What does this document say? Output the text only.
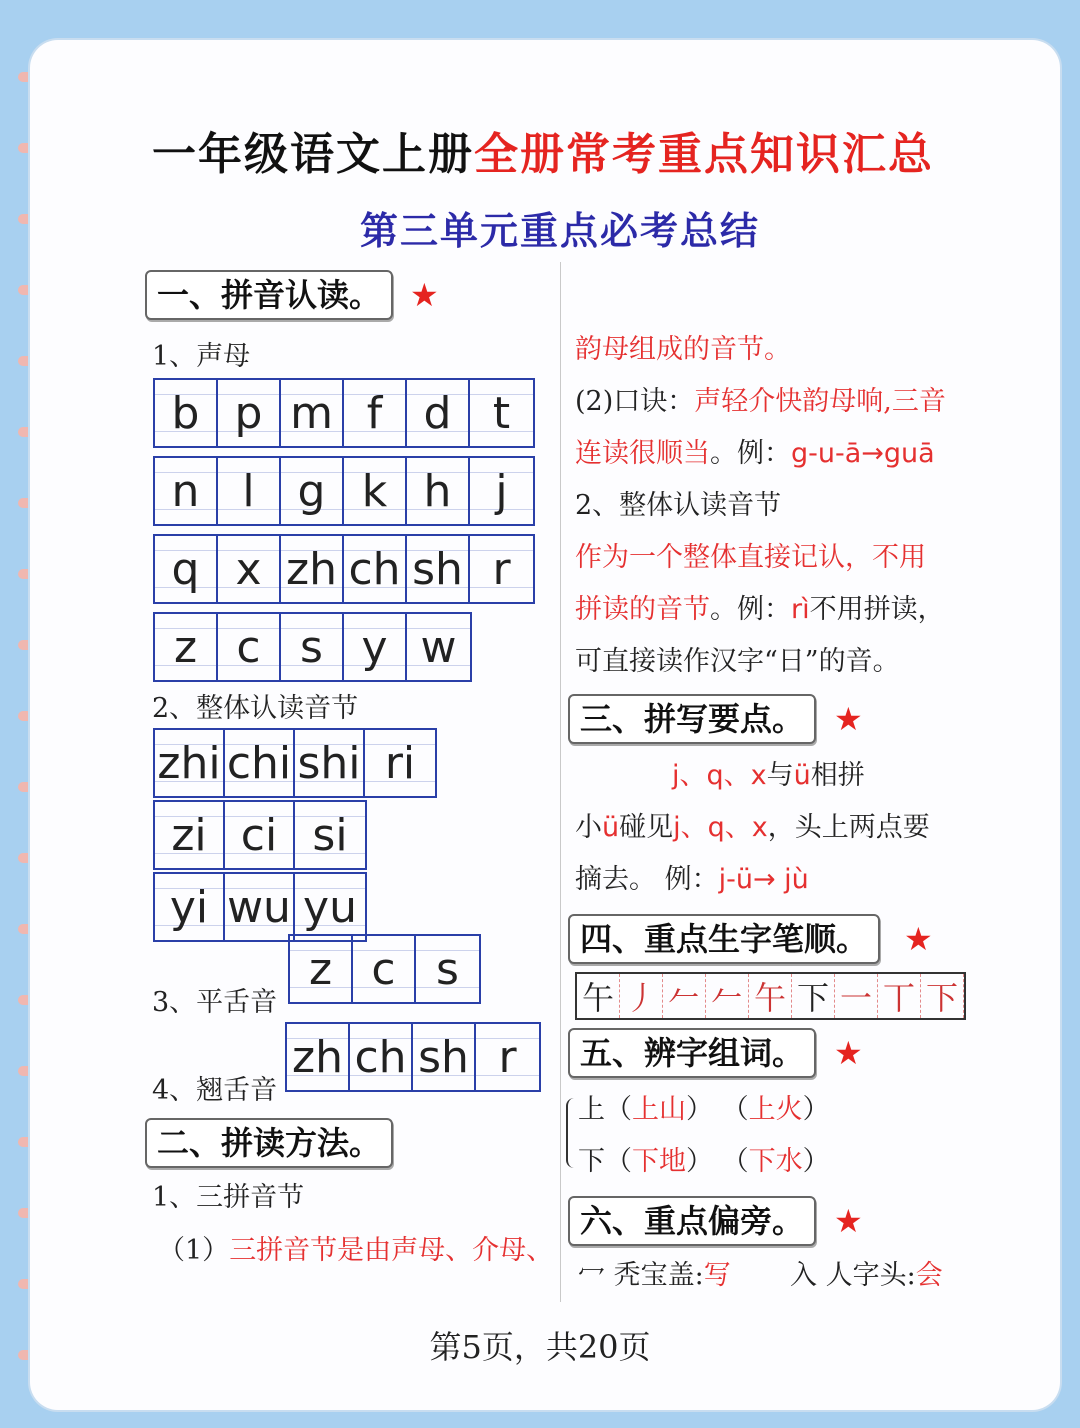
一年级语文上册全册常考重点知识汇总
第三单元重点必考总结
一、拼音认读。 ★
1、声母
b p m f d t
n l g k h j
q x zh ch sh r
z c s y w
2、整体认读音节
zhi chi shi ri
zi ci si
yi wu yu
3、平舌音
z c s
4、翘舌音
zh ch sh r
二、拼读方法。
1、三拼音节
（1）三拼音节是由声母、介母、
韵母组成的音节。
(2)口诀：声轻介快韵母响,三音
连读很顺当。例：g-u-ā→guā
2、整体认读音节
作为一个整体直接记认，不用
拼读的音节。例：rì不用拼读，
可直接读作汉字“日”的音。
三、拼写要点。 ★
j、q、x与ü相拼
小ü碰见j、q、x，头上两点要
摘去。 例：j-ü→ jù
四、重点生字笔顺。	★
午 丿 𠂉 𠂉 午 下 一 丅 下
五、辨字组词。 ★
上（上山） （上火）
下（下地） （下水）
六、重点偏旁。 ★
冖 秃宝盖:写 入 人字头:会
第5页，共20页
